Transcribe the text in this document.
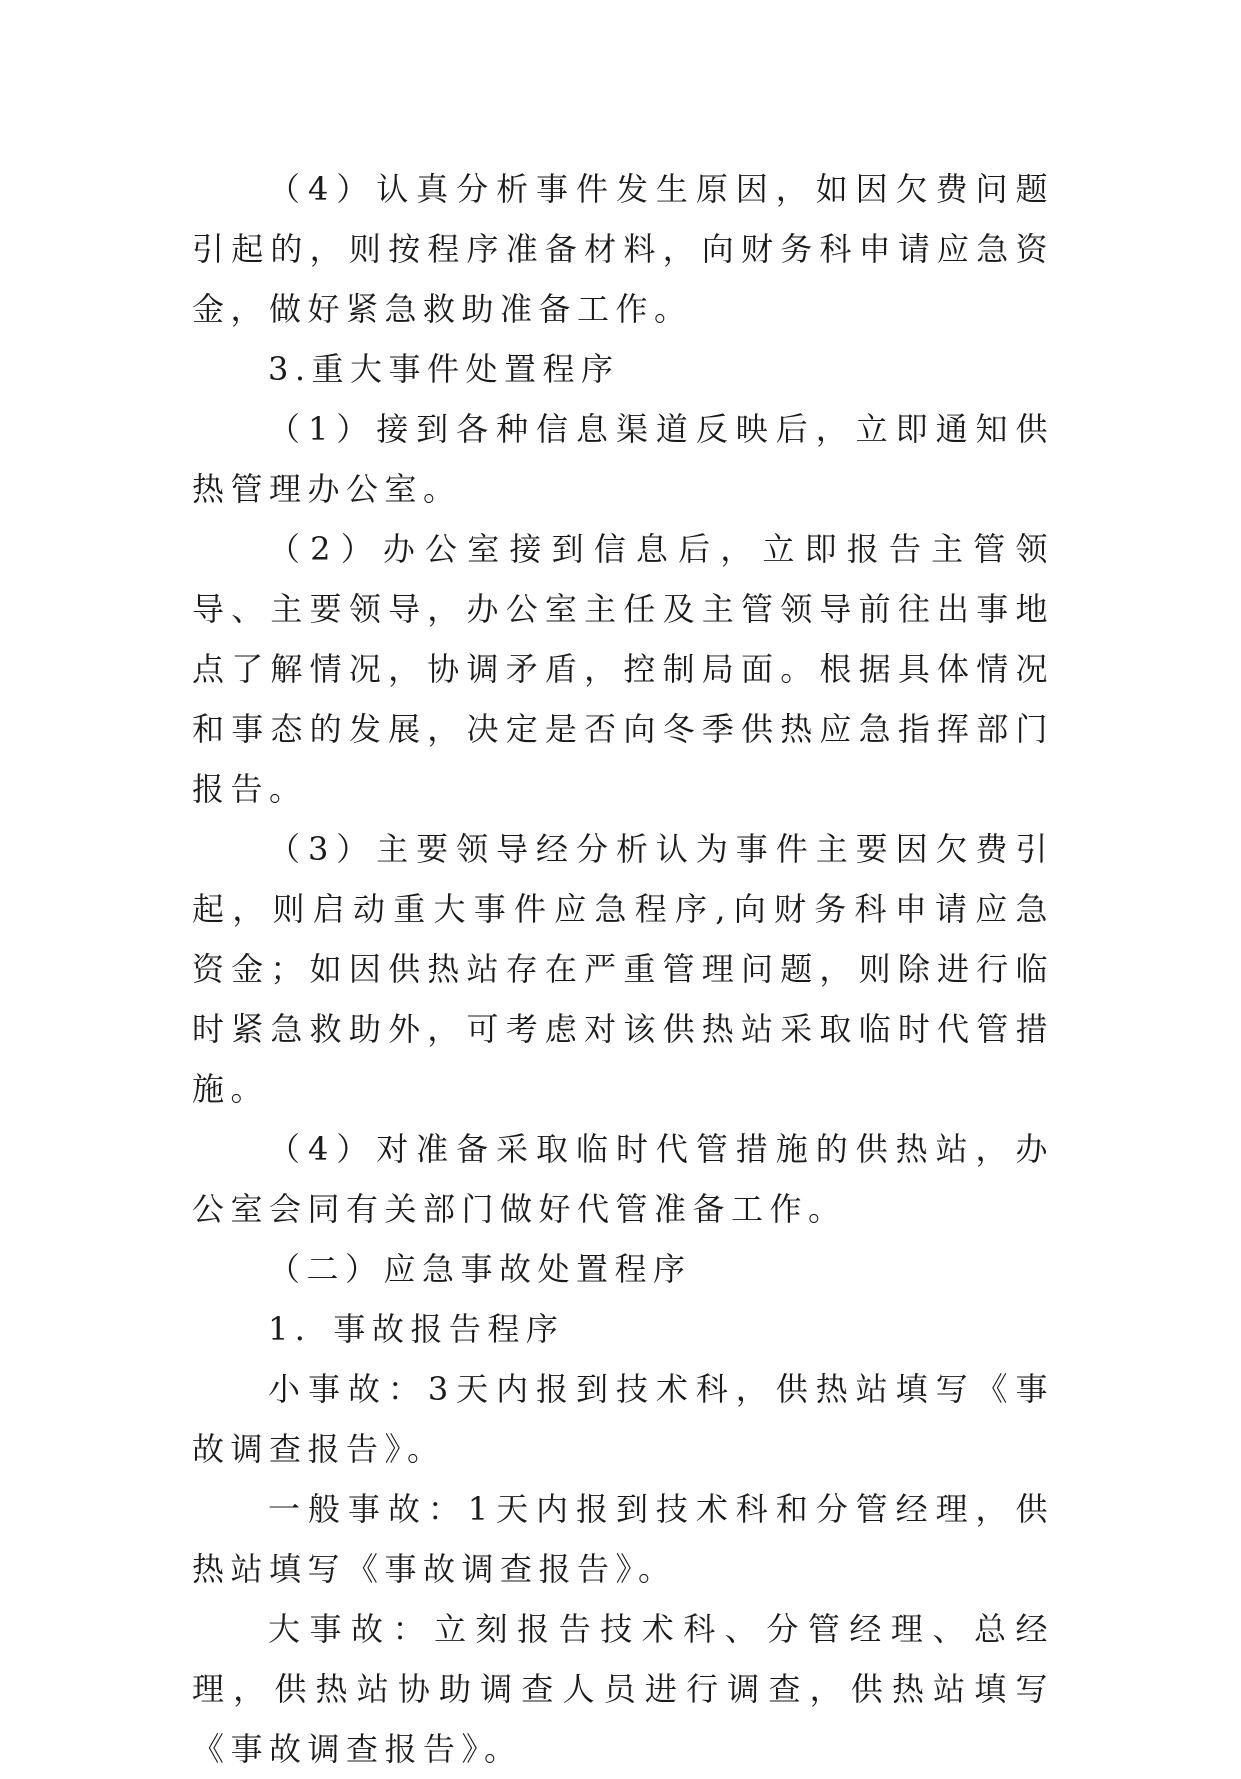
（4）认真分析事件发生原因，如因欠费问题引起的，则按程序准备材料，向财务科申请应急资金，做好紧急救助准备工作。

3.重大事件处置程序

（1）接到各种信息渠道反映后，立即通知供热管理办公室。

（2）办公室接到信息后，立即报告主管领导、主要领导，办公室主任及主管领导前往出事地点了解情况，协调矛盾，控制局面。根据具体情况和事态的发展，决定是否向冬季供热应急指挥部门报告。

（3）主要领导经分析认为事件主要因欠费引起，则启动重大事件应急程序,向财务科申请应急资金；如因供热站存在严重管理问题，则除进行临时紧急救助外，可考虑对该供热站采取临时代管措施。

（4）对准备采取临时代管措施的供热站，办公室会同有关部门做好代管准备工作。

（二）应急事故处置程序

1．事故报告程序

小事故：3天内报到技术科，供热站填写《事故调查报告》。

一般事故：1天内报到技术科和分管经理，供热站填写《事故调查报告》。

大事故：立刻报告技术科、分管经理、总经理，供热站协助调查人员进行调查，供热站填写《事故调查报告》。
